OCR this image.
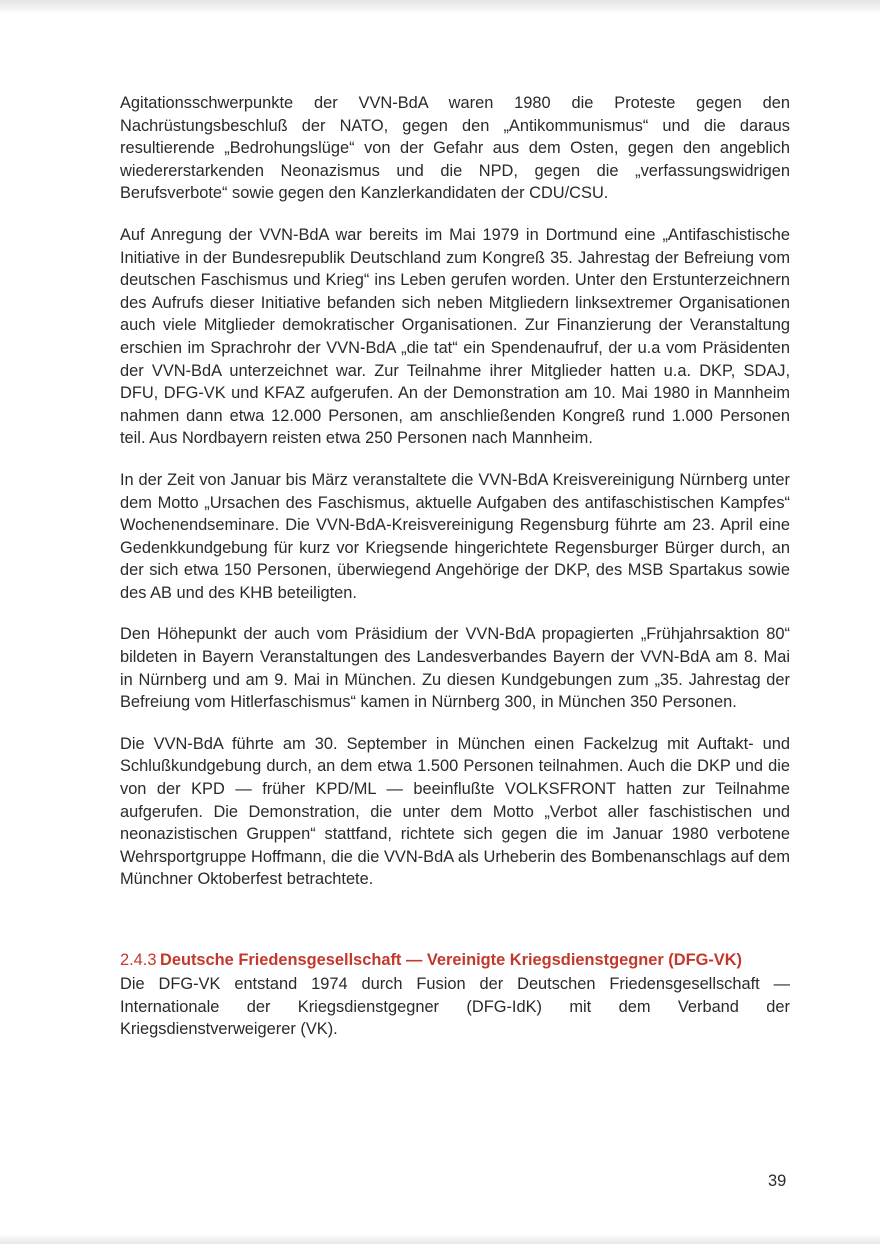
Agitationsschwerpunkte der VVN-BdA waren 1980 die Proteste gegen den Nachrüstungsbeschluß der NATO, gegen den „Antikommunismus“ und die daraus resultierende „Bedrohungslüge“ von der Gefahr aus dem Osten, gegen den angeblich wiedererstarkenden Neonazismus und die NPD, gegen die „verfassungswidrigen Berufsverbote“ sowie gegen den Kanzlerkandidaten der CDU/CSU.

Auf Anregung der VVN-BdA war bereits im Mai 1979 in Dortmund eine „Antifaschistische Initiative in der Bundesrepublik Deutschland zum Kongreß 35. Jahrestag der Befreiung vom deutschen Faschismus und Krieg“ ins Leben gerufen worden. Unter den Erstunterzeichnern des Aufrufs dieser Initiative befanden sich neben Mitgliedern linksextremer Organisationen auch viele Mitglieder demokratischer Organisationen. Zur Finanzierung der Veranstaltung erschien im Sprachrohr der VVN-BdA „die tat“ ein Spendenaufruf, der u.a vom Präsidenten der VVN-BdA unterzeichnet war. Zur Teilnahme ihrer Mitglieder hatten u.a. DKP, SDAJ, DFU, DFG-VK und KFAZ aufgerufen. An der Demonstration am 10. Mai 1980 in Mannheim nahmen dann etwa 12.000 Personen, am anschließenden Kongreß rund 1.000 Personen teil. Aus Nordbayern reisten etwa 250 Personen nach Mannheim.

In der Zeit von Januar bis März veranstaltete die VVN-BdA Kreisvereinigung Nürnberg unter dem Motto „Ursachen des Faschismus, aktuelle Aufgaben des antifaschistischen Kampfes“ Wochenendseminare. Die VVN-BdA-Kreisvereinigung Regensburg führte am 23. April eine Gedenkkundgebung für kurz vor Kriegsende hingerichtete Regensburger Bürger durch, an der sich etwa 150 Personen, überwiegend Angehörige der DKP, des MSB Spartakus sowie des AB und des KHB beteiligten.

Den Höhepunkt der auch vom Präsidium der VVN-BdA propagierten „Frühjahrsaktion 80“ bildeten in Bayern Veranstaltungen des Landesverbandes Bayern der VVN-BdA am 8. Mai in Nürnberg und am 9. Mai in München. Zu diesen Kundgebungen zum „35. Jahrestag der Befreiung vom Hitlerfaschismus“ kamen in Nürnberg 300, in München 350 Personen.

Die VVN-BdA führte am 30. September in München einen Fackelzug mit Auftakt- und Schlußkundgebung durch, an dem etwa 1.500 Personen teilnahmen. Auch die DKP und die von der KPD — früher KPD/ML — beeinflußte VOLKSFRONT hatten zur Teilnahme aufgerufen. Die Demonstration, die unter dem Motto „Verbot aller faschistischen und neonazistischen Gruppen“ stattfand, richtete sich gegen die im Januar 1980 verbotene Wehrsportgruppe Hoffmann, die die VVN-BdA als Urheberin des Bombenanschlags auf dem Münchner Oktoberfest betrachtete.

2.4.3 Deutsche Friedensgesellschaft — Vereinigte Kriegsdienstgegner (DFG-VK)

Die DFG-VK entstand 1974 durch Fusion der Deutschen Friedensgesellschaft — Internationale der Kriegsdienstgegner (DFG-IdK) mit dem Verband der Kriegsdienstverweigerer (VK).

39
